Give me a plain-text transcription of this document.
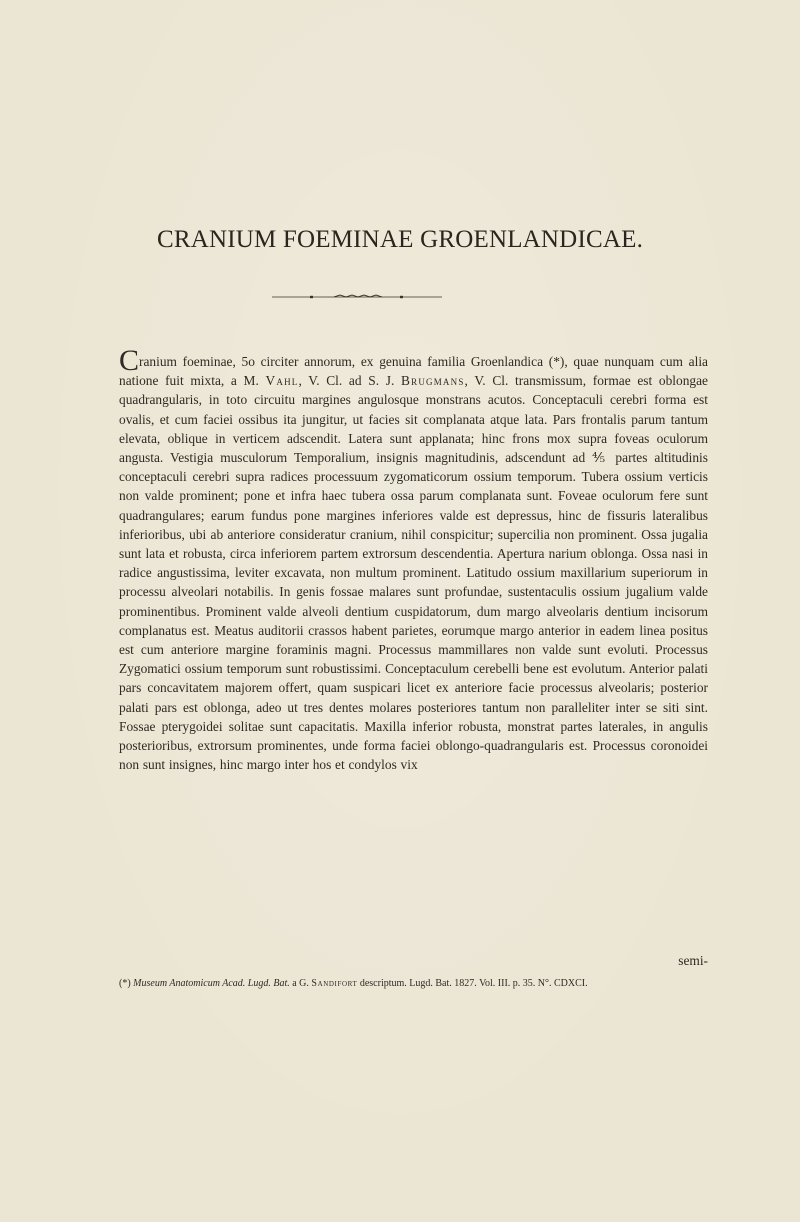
CRANIUM FOEMINAE GROENLANDICAE.

Cranium foeminae, 5o circiter annorum, ex genuina familia Groenlandica (*), quae nunquam cum alia natione fuit mixta, a M. Vahl, V. Cl. ad S. J. Brugmans, V. Cl. transmissum, formae est oblongae quadrangularis, in toto circuitu margines angulosque monstrans acutos. Conceptaculi cerebri forma est ovalis, et cum faciei ossibus ita jungitur, ut facies sit complanata atque lata. Pars frontalis parum tantum elevata, oblique in verticem adscendit. Latera sunt applanata; hinc frons mox supra foveas oculorum angusta. Vestigia musculorum Temporalium, insignis magnitudinis, adscendunt ad ⅘ partes altitudinis conceptaculi cerebri supra radices processuum zygomaticorum ossium temporum. Tubera ossium verticis non valde prominent; pone et infra haec tubera ossa parum complanata sunt. Foveae oculorum fere sunt quadrangulares; earum fundus pone margines inferiores valde est depressus, hinc de fissuris lateralibus inferioribus, ubi ab anteriore consideratur cranium, nihil conspicitur; supercilia non prominent. Ossa jugalia sunt lata et robusta, circa inferiorem partem extrorsum descendentia. Apertura narium oblonga. Ossa nasi in radice angustissima, leviter excavata, non multum prominent. Latitudo ossium maxillarium superiorum in processu alveolari notabilis. In genis fossae malares sunt profundae, sustentaculis ossium jugalium valde prominentibus. Prominent valde alveoli dentium cuspidatorum, dum margo alveolaris dentium incisorum complanatus est. Meatus auditorii crassos habent parietes, eorumque margo anterior in eadem linea positus est cum anteriore margine foraminis magni. Processus mammillares non valde sunt evoluti. Processus Zygomatici ossium temporum sunt robustissimi. Conceptaculum cerebelli bene est evolutum. Anterior palati pars concavitatem majorem offert, quam suspicari licet ex anteriore facie processus alveolaris; posterior palati pars est oblonga, adeo ut tres dentes molares posteriores tantum non paralleliter inter se siti sint. Fossae pterygoidei solitae sunt capacitatis. Maxilla inferior robusta, monstrat partes laterales, in angulis posterioribus, extrorsum prominentes, unde forma faciei oblongo-quadrangularis est. Processus coronoidei non sunt insignes, hinc margo inter hos et condylos vix

semi-

(*) Museum Anatomicum Acad. Lugd. Bat. a G. Sandifort descriptum. Lugd. Bat. 1827. Vol. III. p. 35. N°. CDXCI.
